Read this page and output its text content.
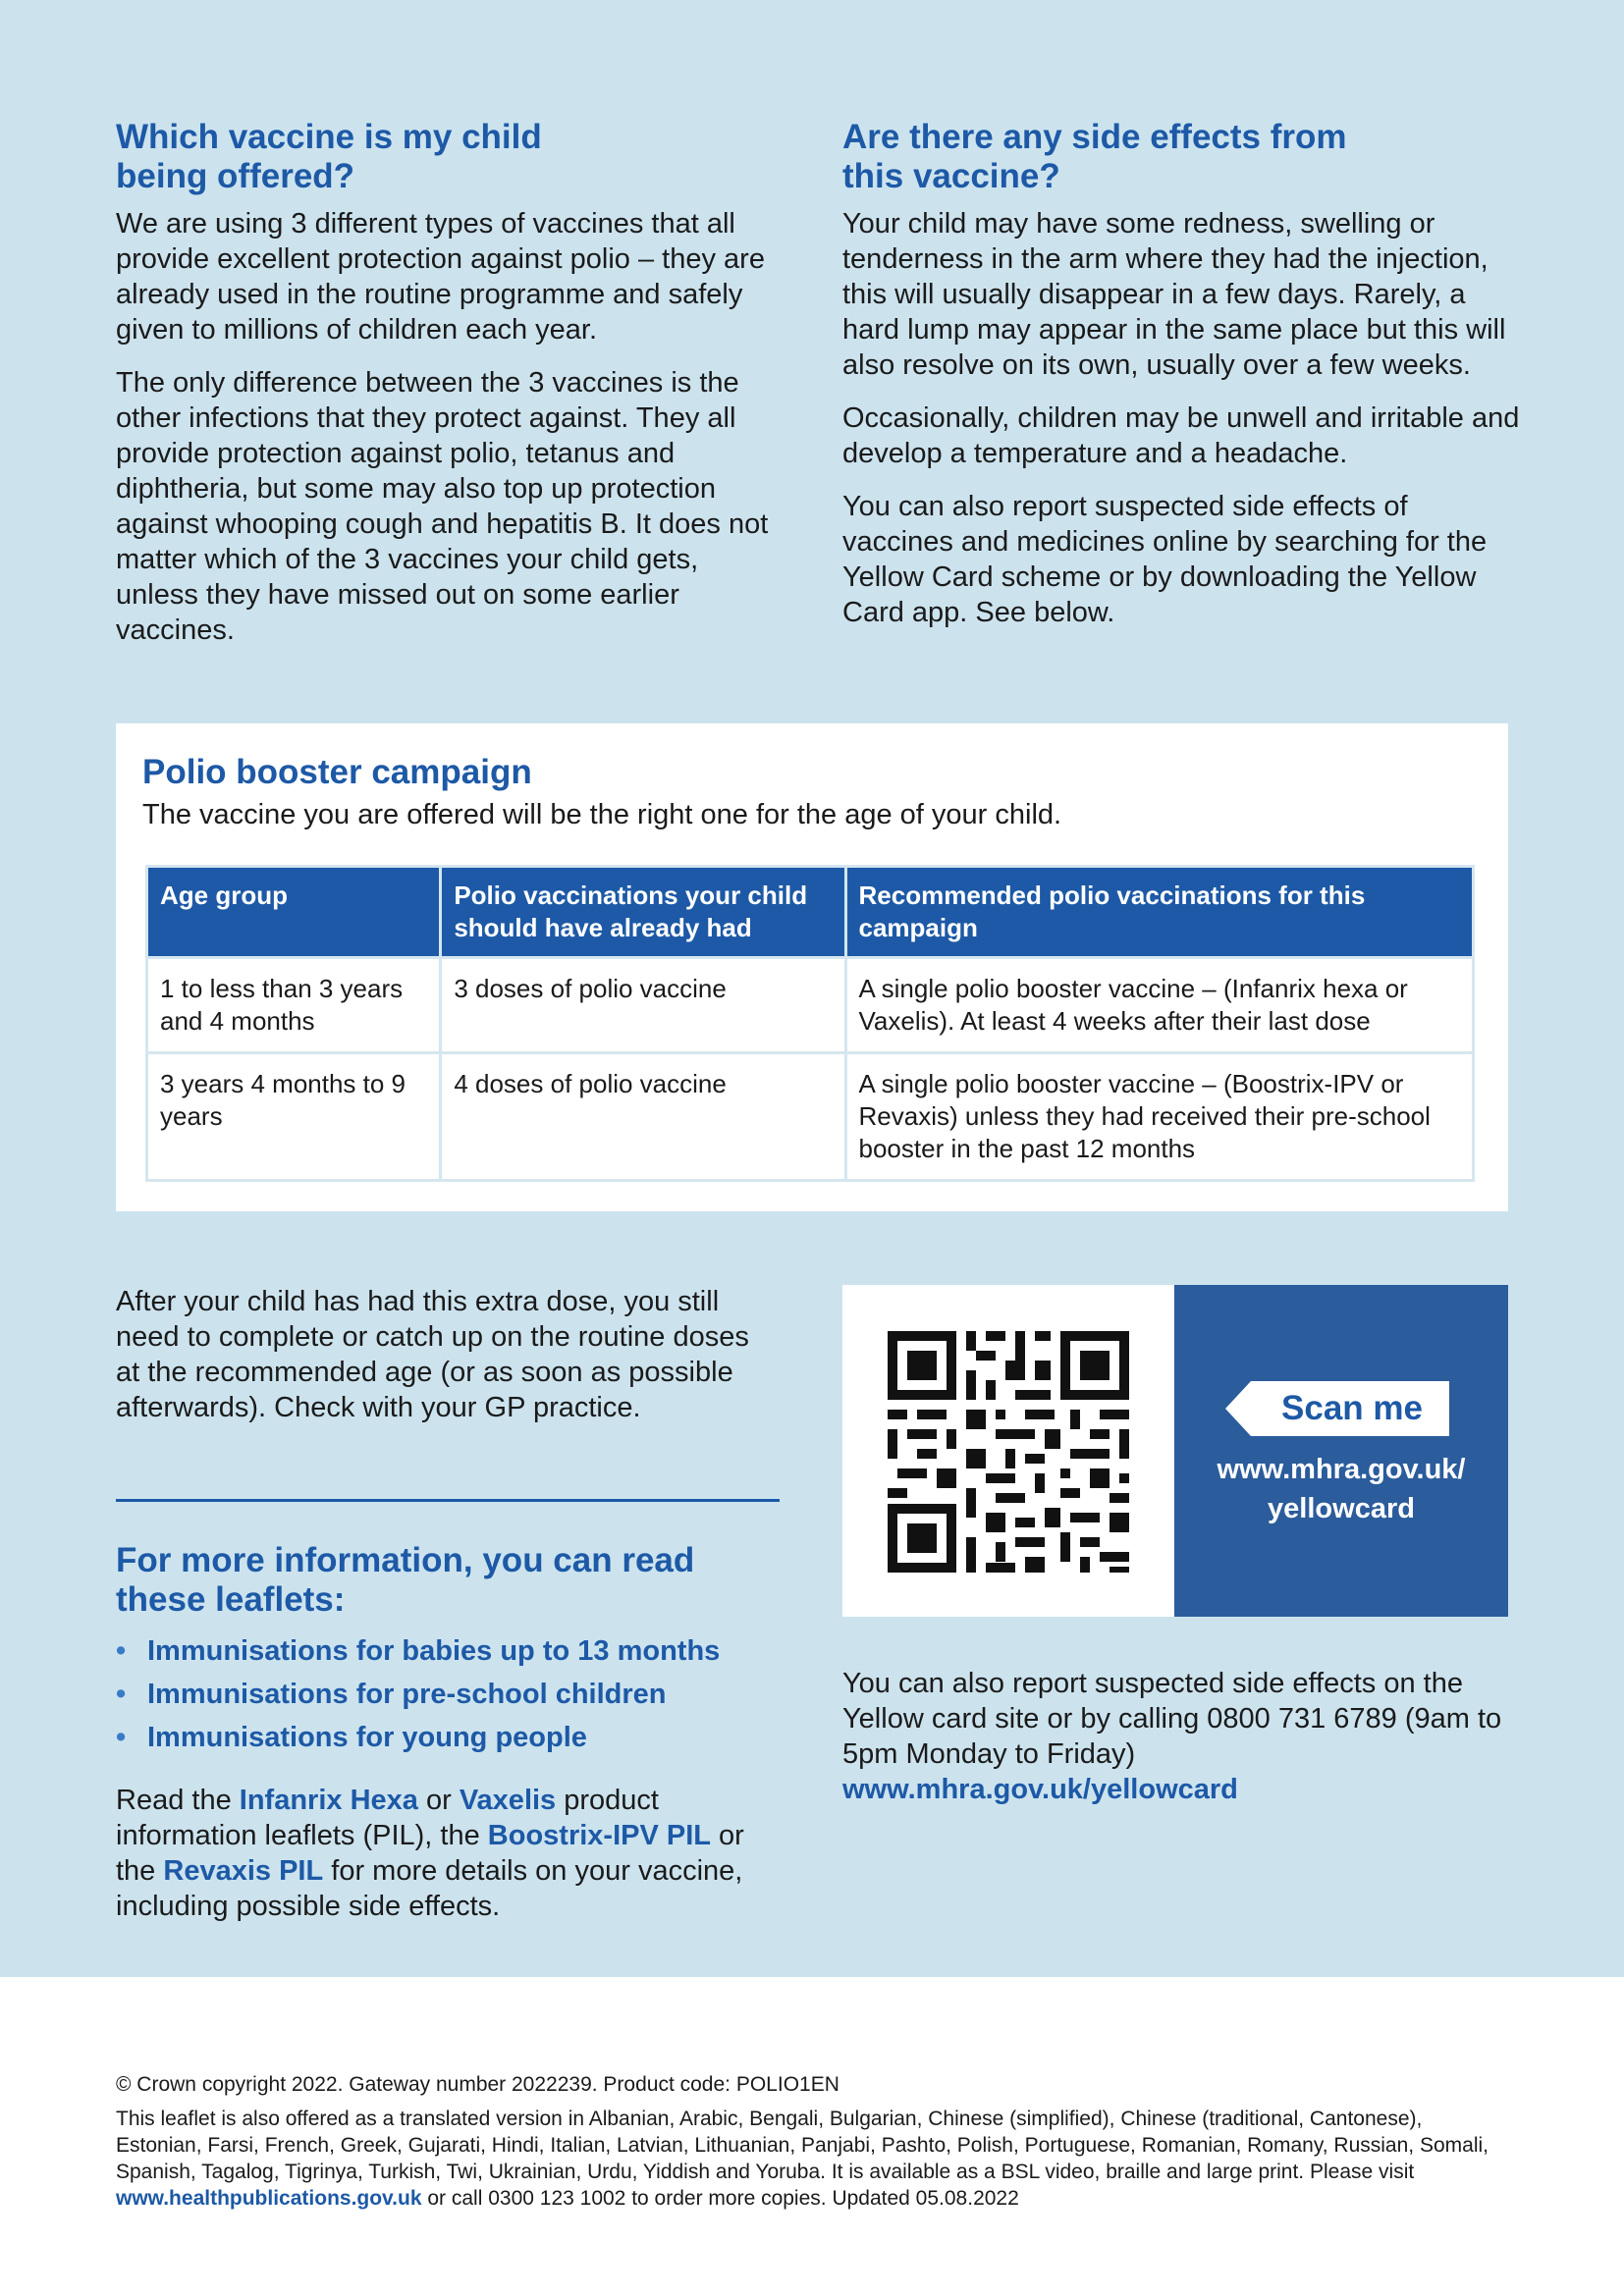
Which vaccine is my child being offered?

We are using 3 different types of vaccines that all provide excellent protection against polio – they are already used in the routine programme and safely given to millions of children each year.

The only difference between the 3 vaccines is the other infections that they protect against. They all provide protection against polio, tetanus and diphtheria, but some may also top up protection against whooping cough and hepatitis B. It does not matter which of the 3 vaccines your child gets, unless they have missed out on some earlier vaccines.

Are there any side effects from this vaccine?

Your child may have some redness, swelling or tenderness in the arm where they had the injection, this will usually disappear in a few days. Rarely, a hard lump may appear in the same place but this will also resolve on its own, usually over a few weeks.

Occasionally, children may be unwell and irritable and develop a temperature and a headache.

You can also report suspected side effects of vaccines and medicines online by searching for the Yellow Card scheme or by downloading the Yellow Card app. See below.

Polio booster campaign
The vaccine you are offered will be the right one for the age of your child.
Age group	Polio vaccinations your child should have already had	Recommended polio vaccinations for this campaign
1 to less than 3 years and 4 months	3 doses of polio vaccine	A single polio booster vaccine – (Infanrix hexa or Vaxelis). At least 4 weeks after their last dose
3 years 4 months to 9 years	4 doses of polio vaccine	A single polio booster vaccine – (Boostrix-IPV or Revaxis) unless they had received their pre-school booster in the past 12 months

After your child has had this extra dose, you still need to complete or catch up on the routine doses at the recommended age (or as soon as possible afterwards). Check with your GP practice.

For more information, you can read these leaflets:
• Immunisations for babies up to 13 months
• Immunisations for pre-school children
• Immunisations for young people

Read the Infanrix Hexa or Vaxelis product information leaflets (PIL), the Boostrix-IPV PIL or the Revaxis PIL for more details on your vaccine, including possible side effects.

Scan me
www.mhra.gov.uk/
yellowcard

You can also report suspected side effects on the Yellow card site or by calling 0800 731 6789 (9am to 5pm Monday to Friday)

www.mhra.gov.uk/yellowcard

© Crown copyright 2022. Gateway number 2022239. Product code: POLIO1EN

This leaflet is also offered as a translated version in Albanian, Arabic, Bengali, Bulgarian, Chinese (simplified), Chinese (traditional, Cantonese), Estonian, Farsi, French, Greek, Gujarati, Hindi, Italian, Latvian, Lithuanian, Panjabi, Pashto, Polish, Portuguese, Romanian, Romany, Russian, Somali, Spanish, Tagalog, Tigrinya, Turkish, Twi, Ukrainian, Urdu, Yiddish and Yoruba. It is available as a BSL video, braille and large print. Please visit www.healthpublications.gov.uk or call 0300 123 1002 to order more copies. Updated 05.08.2022
